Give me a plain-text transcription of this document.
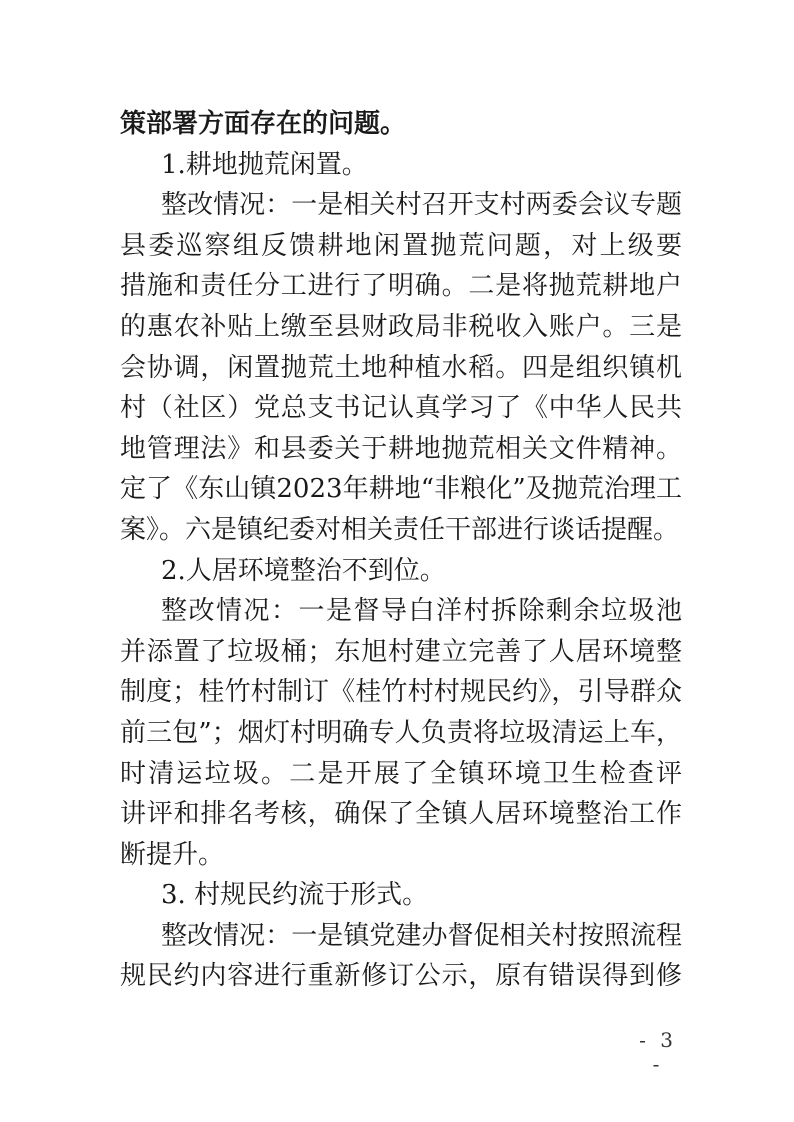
策部署方面存在的问题。
1.耕地抛荒闲置。
整改情况：一是相关村召开支村两委会议专题
县委巡察组反馈耕地闲置抛荒问题，对上级要
措施和责任分工进行了明确。二是将抛荒耕地户
的惠农补贴上缴至县财政局非税收入账户。三是
会协调，闲置抛荒土地种植水稻。四是组织镇机
村（社区）党总支书记认真学习了《中华人民共
地管理法》和县委关于耕地抛荒相关文件精神。
定了《东山镇2023年耕地“非粮化”及抛荒治理工
案》。六是镇纪委对相关责任干部进行谈话提醒。
2.人居环境整治不到位。
整改情况：一是督导白洋村拆除剩余垃圾池
并添置了垃圾桶；东旭村建立完善了人居环境整
制度；桂竹村制订《桂竹村村规民约》，引导群众
前三包”；烟灯村明确专人负责将垃圾清运上车，
时清运垃圾。二是开展了全镇环境卫生检查评
讲评和排名考核，确保了全镇人居环境整治工作
断提升。
3. 村规民约流于形式。
整改情况：一是镇党建办督促相关村按照流程
规民约内容进行重新修订公示，原有错误得到修
- 3 -
